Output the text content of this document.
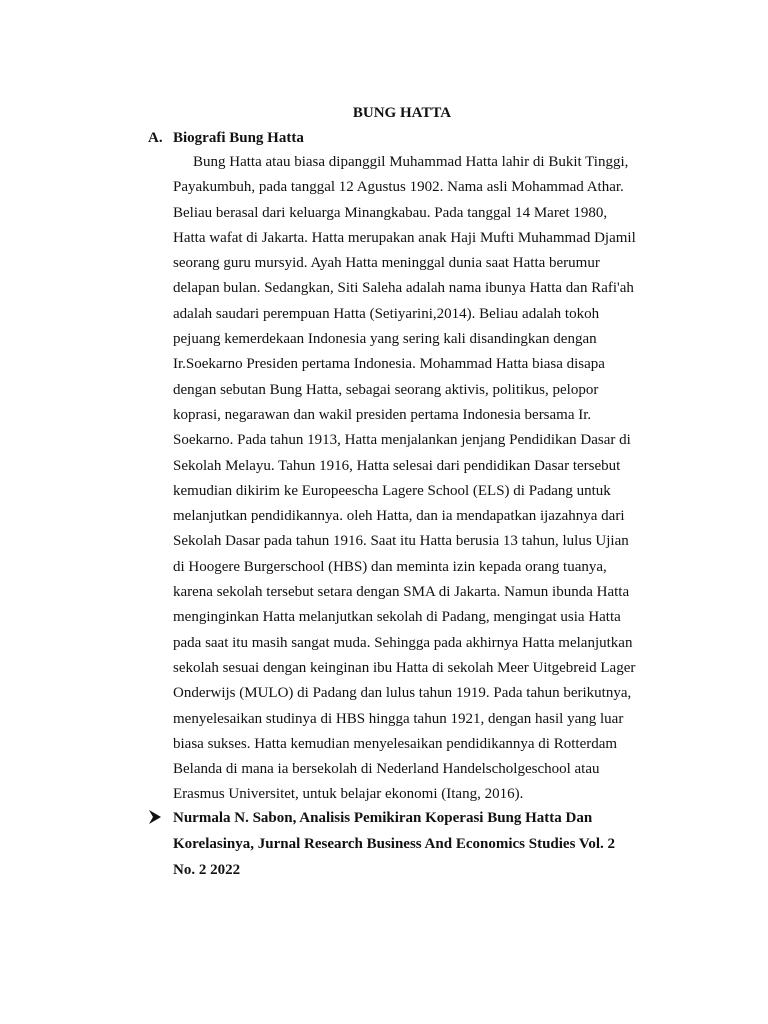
BUNG HATTA
A. Biografi Bung Hatta
Bung Hatta atau biasa dipanggil Muhammad Hatta lahir di Bukit Tinggi,
Payakumbuh, pada tanggal 12 Agustus 1902. Nama asli Mohammad Athar.
Beliau berasal dari keluarga Minangkabau. Pada tanggal 14 Maret 1980,
Hatta wafat di Jakarta. Hatta merupakan anak Haji Mufti Muhammad Djamil
seorang guru mursyid. Ayah Hatta meninggal dunia saat Hatta berumur
delapan bulan. Sedangkan, Siti Saleha adalah nama ibunya Hatta dan Rafi'ah
adalah saudari perempuan Hatta (Setiyarini,2014). Beliau adalah tokoh
pejuang kemerdekaan Indonesia yang sering kali disandingkan dengan
Ir.Soekarno Presiden pertama Indonesia. Mohammad Hatta biasa disapa
dengan sebutan Bung Hatta, sebagai seorang aktivis, politikus, pelopor
koprasi, negarawan dan wakil presiden pertama Indonesia bersama Ir.
Soekarno. Pada tahun 1913, Hatta menjalankan jenjang Pendidikan Dasar di
Sekolah Melayu. Tahun 1916, Hatta selesai dari pendidikan Dasar tersebut
kemudian dikirim ke Europeescha Lagere School (ELS) di Padang untuk
melanjutkan pendidikannya. oleh Hatta, dan ia mendapatkan ijazahnya dari
Sekolah Dasar pada tahun 1916. Saat itu Hatta berusia 13 tahun, lulus Ujian
di Hoogere Burgerschool (HBS) dan meminta izin kepada orang tuanya,
karena sekolah tersebut setara dengan SMA di Jakarta. Namun ibunda Hatta
menginginkan Hatta melanjutkan sekolah di Padang, mengingat usia Hatta
pada saat itu masih sangat muda. Sehingga pada akhirnya Hatta melanjutkan
sekolah sesuai dengan keinginan ibu Hatta di sekolah Meer Uitgebreid Lager
Onderwijs (MULO) di Padang dan lulus tahun 1919. Pada tahun berikutnya,
menyelesaikan studinya di HBS hingga tahun 1921, dengan hasil yang luar
biasa sukses. Hatta kemudian menyelesaikan pendidikannya di Rotterdam
Belanda di mana ia bersekolah di Nederland Handelscholgeschool atau
Erasmus Universitet, untuk belajar ekonomi (Itang, 2016).
Nurmala N. Sabon, Analisis Pemikiran Koperasi Bung Hatta Dan
Korelasinya, Jurnal Research Business And Economics Studies Vol. 2
No. 2 2022
